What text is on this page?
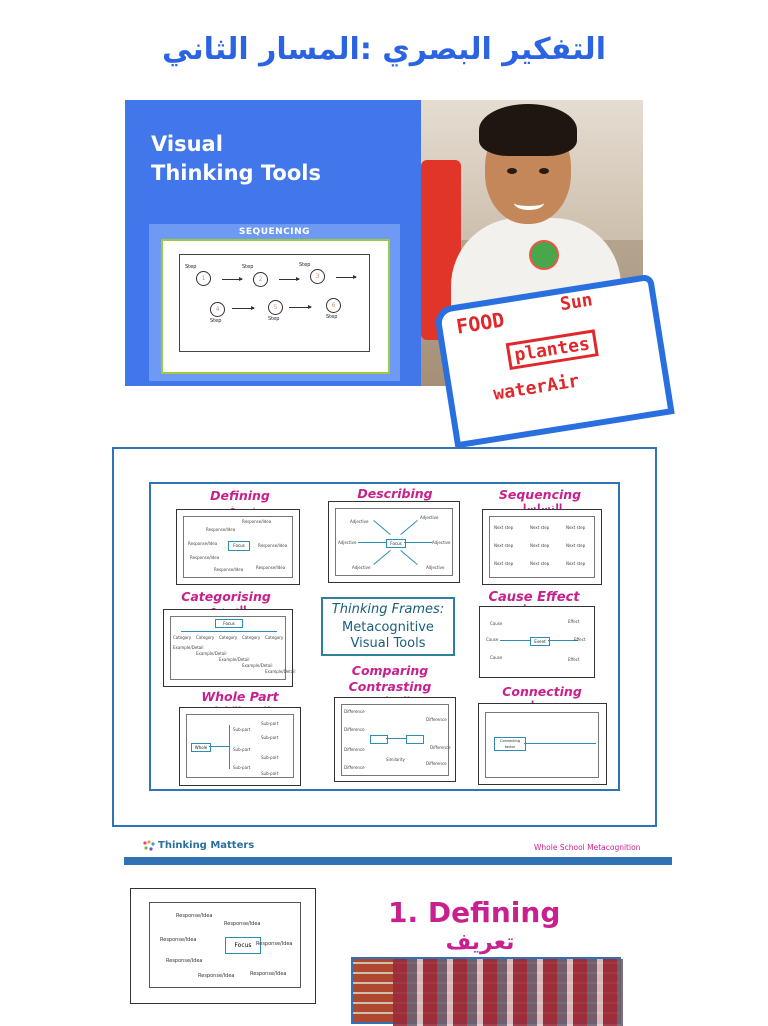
التفكير البصري :المسار الثاني
Visual
Thinking Tools
SEQUENCING
Step	Step	Step
1	2	3
4	5	6
Step	Step	Step	FOOD
Sun
plantes
waterAir
Defining
Focus
Response/Idea
Response/Idea
Response/Idea	Response/Idea
Response/Idea
Response/Idea	Response/Idea
Describing
Focus
Adjective
Adjective
Adjective	Adjective
Adjective	Adjective
Sequencing
Next step	Next step	Next step
Next step	Next step	Next step
Next step	Next step	Next step
Categorising
Focus
Category Category Category Category Category
Example/Detail
Example/Detail
Example/Detail
Example/Detail
Example/Detail
Thinking Frames:
Metacognitive
Visual Tools
Cause Effect
Event
Cause
Cause
Cause
Effect
Effect
Effect
Whole Part
Whole
Sub-part
Sub-part
Sub-part
Sub-part
Sub-part
Sub-part
Sub-part
Comparing
Contrasting
Difference
Difference
Difference
Difference
Difference
Difference
Difference
Similarity
Connecting
Connecting factor
Thinking Matters	Whole School Metacognition
Focus
Response/Idea
Response/Idea
Response/Idea
Response/Idea
Response/Idea
Response/Idea	Response/Idea
1. Defining
تعريف
